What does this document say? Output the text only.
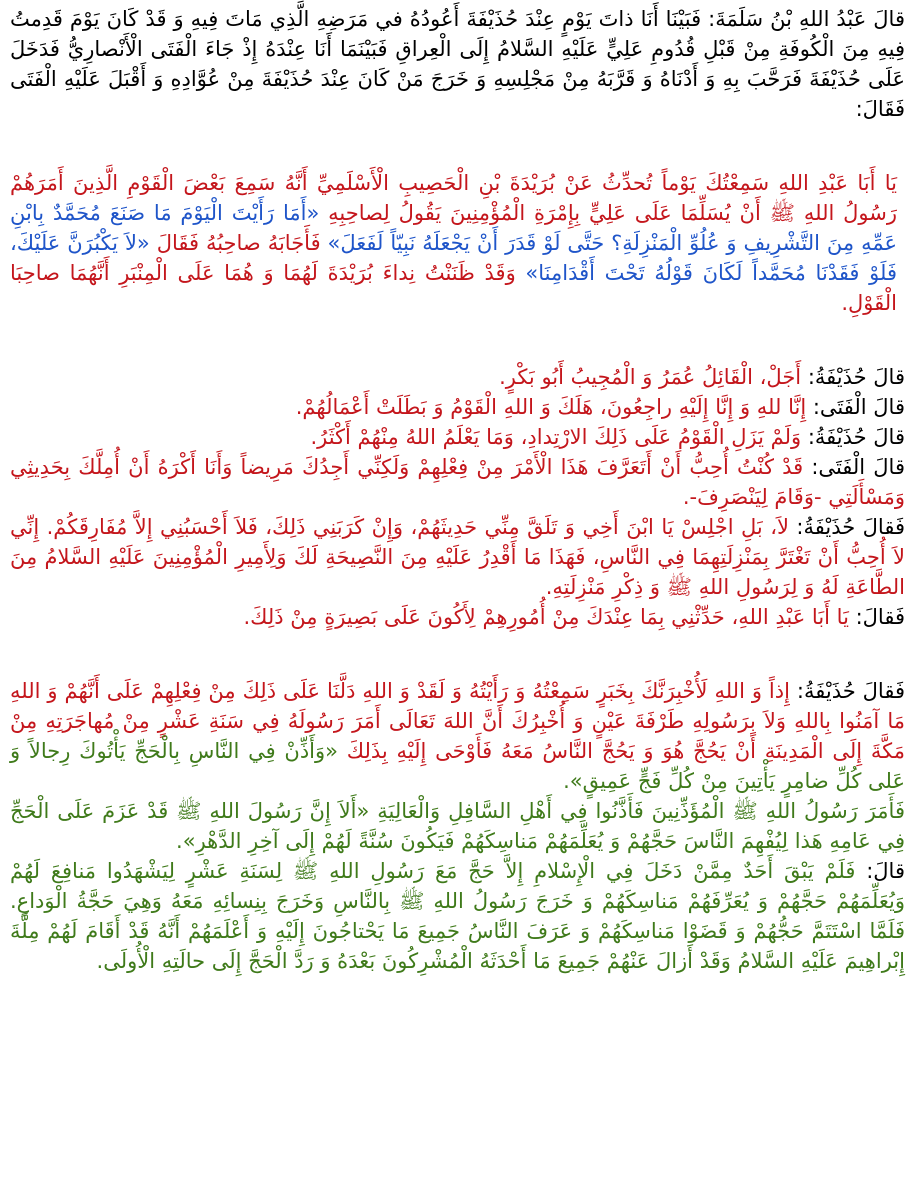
قالَ عَبْدُ اللهِ بْنُ سَلَمَةَ: فَبَيْنَا أَنَا ذاتَ يَوْمٍ عِنْدَ حُذَيْفَةَ أَعُودُهُ في مَرَضِهِ الَّذِي مَاتَ فِيهِ وَ قَدْ كَانَ يَوْمَ قَدِمتُ فِيهِ مِنَ الْكُوفَةِ مِنْ قَبْلِ قُدُومِ عَلِيٍّ عَلَيْهِ السَّلامُ إِلَى الْعِراقِ فَبَيْنَمَا أَنَا عِنْدَهُ إِذْ جَاءَ الْفَتَى الْأَنْصارِيُّ فَدَخَلَ عَلَى حُذَيْفَةَ فَرَحَّبَ بِهِ وَ أَدْنَاهُ وَ قَرَّبَهُ مِنْ مَجْلِسِهِ وَ خَرَجَ مَنْ كَانَ عِنْدَ حُذَيْفَةَ مِنْ عُوَّادِهِ وَ أَقْبَلَ عَلَيْهِ الْفَتَى فَقَالَ:

يَا أَبَا عَبْدِ اللهِ سَمِعْتُكَ يَوْماً تُحدِّثُ عَنْ بُرَيْدَةَ بْنِ الْحَصِيبِ الْأَسْلَمِيِّ أَنَّهُ سَمِعَ بَعْضَ الْقَوْمِ الَّذِينَ أَمَرَهُمْ رَسُولُ اللهِ ﷺ أَنْ يُسَلِّمَا عَلَى عَلِيٍّ بِإِمْرَةِ الْمُؤْمِنِينَ يَقُولُ لِصاحِبِهِ «أَمَا رَأَيْتَ الْيَوْمَ مَا صَنَعَ مُحَمَّدٌ بِابْنِ عَمِّهِ مِنَ التَّشْرِيفِ وَ عُلُوِّ الْمَنْزِلَةِ؟ حَتَّى لَوْ قَدَرَ أَنْ يَجْعَلَهُ نَبِيّاً لَفَعَلَ» فَأَجَابَهُ صاحِبُهُ فَقَالَ «لاَ يَكْبُرَنَّ عَلَيْكَ، فَلَوْ فَقَدْنَا مُحَمَّداً لَكَانَ قَوْلُهُ تَحْتَ أَقْدَامِنَا» وَقَدْ ظَنَنْتُ نِداءَ بُرَيْدَةَ لَهُمَا وَ هُمَا عَلَى الْمِنْبَرِ أَنَّهُمَا صاحِبَا الْقَوْلِ.

قالَ حُذَيْفَةُ: أَجَلْ، الْقَائِلُ عُمَرُ وَ الْمُجِيبُ أَبُو بَكْرٍ.

قالَ الْفَتَى: إِنَّا للهِ وَ إِنَّا إِلَيْهِ راجِعُونَ، هَلَكَ وَ اللهِ الْقَوْمُ وَ بَطَلَتْ أَعْمَالُهُمْ.

قالَ حُذَيْفَةُ: وَلَمْ يَزَلِ الْقَوْمُ عَلَى ذَلِكَ الارْتِدادِ، وَمَا يَعْلَمُ اللهُ مِنْهُمْ أَكْثَرُ.

قالَ الْفَتَى: قَدْ كُنْتُ أُحِبُّ أَنْ أَتَعَرَّفَ هَذَا الْأَمْرَ مِنْ فِعْلِهِمْ وَلَكِنِّي أَجِدُكَ مَرِيضاً وَأَنَا أَكْرَهُ أَنْ أُمِلَّكَ بِحَدِيثِي وَمَسْأَلَتِي -وَقَامَ لِيَنْصَرِفَ-.

فَقالَ حُذَيْفَةُ: لاَ، بَلِ اجْلِسْ يَا ابْنَ أَخِي وَ تَلَقَّ مِنِّي حَدِيثَهُمْ، وَإِنْ كَرَبَنِي ذَلِكَ، فَلاَ أَحْسَبُنِي إِلاَّ مُفَارِقَكُمْ. إِنِّي لاَ أُحِبُّ أَنْ تَغْتَرَّ بِمَنْزِلَتِهِمَا فِي النَّاسِ، فَهَذَا مَا أَقْدِرُ عَلَيْهِ مِنَ النَّصِيحَةِ لَكَ وَلِأَمِيرِ الْمُؤْمِنِينَ عَلَيْهِ السَّلامُ مِنَ الطَّاعَةِ لَهُ وَ لِرَسُولِ اللهِ ﷺ وَ ذِكْرِ مَنْزِلَتِهِ.

فَقالَ: يَا أَبَا عَبْدِ اللهِ، حَدِّثْنِي بِمَا عِنْدَكَ مِنْ أُمُورِهِمْ لِأَكُونَ عَلَى بَصِيرَةٍ مِنْ ذَلِكَ.

فَقالَ حُذَيْفَةُ: إِذاً وَ اللهِ لَأُخْبِرَنَّكَ بِخَبَرٍ سَمِعْتُهُ وَ رَأَيْتُهُ وَ لَقَدْ وَ اللهِ دَلَّنَا عَلَى ذَلِكَ مِنْ فِعْلِهِمْ عَلَى أَنَّهُمْ وَ اللهِ مَا آمَنُوا بِاللهِ وَلاَ بِرَسُولِهِ طَرْفَةَ عَيْنٍ وَ أُخْبِرُكَ أَنَّ اللهَ تَعَالَى أَمَرَ رَسُولَهُ فِي سَنَةِ عَشْرٍ مِنْ مُهاجَرَتِهِ مِنْ مَكَّةَ إِلَى الْمَدِينَةِ أَنْ يَحُجَّ هُوَ وَ يَحُجَّ النَّاسُ مَعَهُ فَأَوْحَى إِلَيْهِ بِذَلِكَ «وَأَذِّنْ فِي النَّاسِ بِالْحَجِّ يَأْتُوكَ رِجالاً وَ عَلى كُلِّ ضامِرٍ يَأْتِينَ مِنْ كُلِّ فَجٍّ عَمِيقٍ».

فَأَمَرَ رَسُولُ اللهِ ﷺ الْمُؤَذِّنِينَ فَأَذَّنُوا فِي أَهْلِ السَّافِلِ وَالْعَالِيَةِ «أَلاَ إِنَّ رَسُولَ اللهِ ﷺ قَدْ عَزَمَ عَلَى الْحَجِّ فِي عَامِهِ هَذا لِيُفْهِمَ النَّاسَ حَجَّهُمْ وَ يُعَلِّمَهُمْ مَناسِكَهُمْ فَيَكُونَ سُنَّةً لَهُمْ إِلَى آخِرِ الدَّهْرِ».

قالَ: فَلَمْ يَبْقَ أَحَدٌ مِمَّنْ دَخَلَ فِي الْإِسْلامِ إِلاَّ حَجَّ مَعَ رَسُولِ اللهِ ﷺ لِسَنَةِ عَشْرٍ لِيَشْهَدُوا مَنافِعَ لَهُمْ وَيُعَلِّمَهُمْ حَجَّهُمْ وَ يُعَرِّفَهُمْ مَناسِكَهُمْ وَ خَرَجَ رَسُولُ اللهِ ﷺ بِالنَّاسِ وَخَرَجَ بِنِسائِهِ مَعَهُ وَهِيَ حَجَّةُ الْوَداعِ. فَلَمَّا اسْتَتَمَّ حَجُّهُمْ وَ قَضَوْا مَناسِكَهُمْ وَ عَرَفَ النَّاسُ جَمِيعَ مَا يَحْتاجُونَ إِلَيْهِ وَ أَعْلَمَهُمْ أَنَّهُ قَدْ أَقَامَ لَهُمْ مِلَّةَ إِبْراهِيمَ عَلَيْهِ السَّلامُ وَقَدْ أَزالَ عَنْهُمْ جَمِيعَ مَا أَحْدَثَهُ الْمُشْرِكُونَ بَعْدَهُ وَ رَدَّ الْحَجَّ إِلَى حالَتِهِ الْأُولَى.
